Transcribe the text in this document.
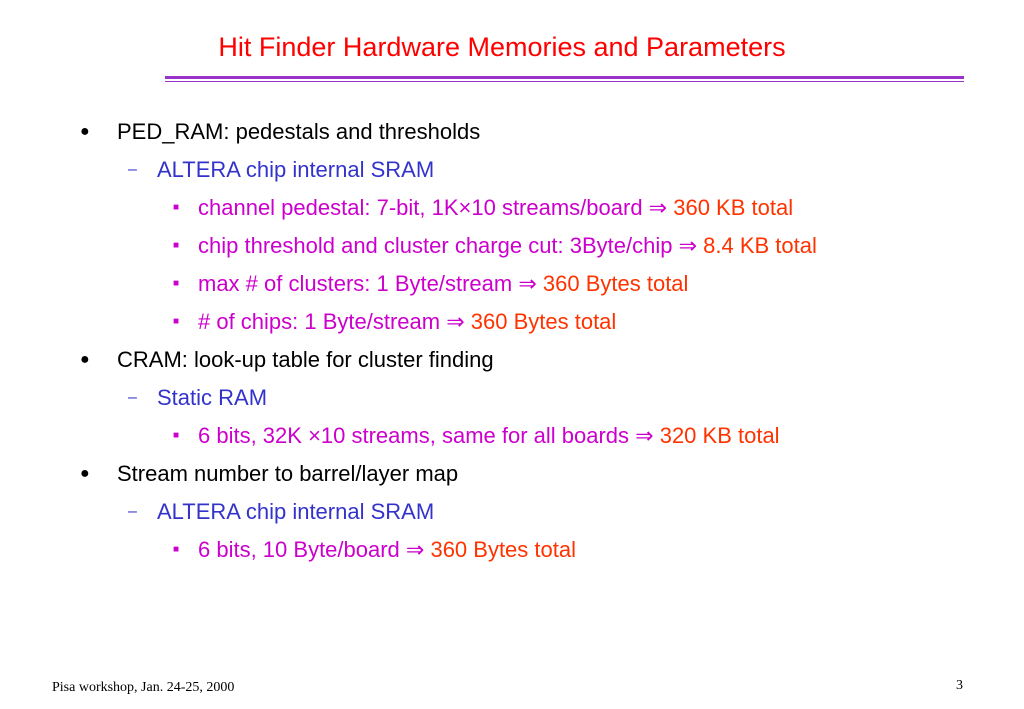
Hit Finder Hardware Memories and Parameters
● PED_RAM: pedestals and thresholds
– ALTERA chip internal SRAM
■ channel pedestal: 7-bit, 1K×10 streams/board ⇒ 360 KB total
■ chip threshold and cluster charge cut: 3Byte/chip ⇒ 8.4 KB total
■ max # of clusters: 1 Byte/stream ⇒ 360 Bytes total
■ # of chips: 1 Byte/stream ⇒ 360 Bytes total
● CRAM: look-up table for cluster finding
– Static RAM
■ 6 bits, 32K ×10 streams, same for all boards ⇒ 320 KB total
● Stream number to barrel/layer map
– ALTERA chip internal SRAM
■ 6 bits, 10 Byte/board ⇒ 360 Bytes total
Pisa workshop, Jan. 24-25, 2000	3
